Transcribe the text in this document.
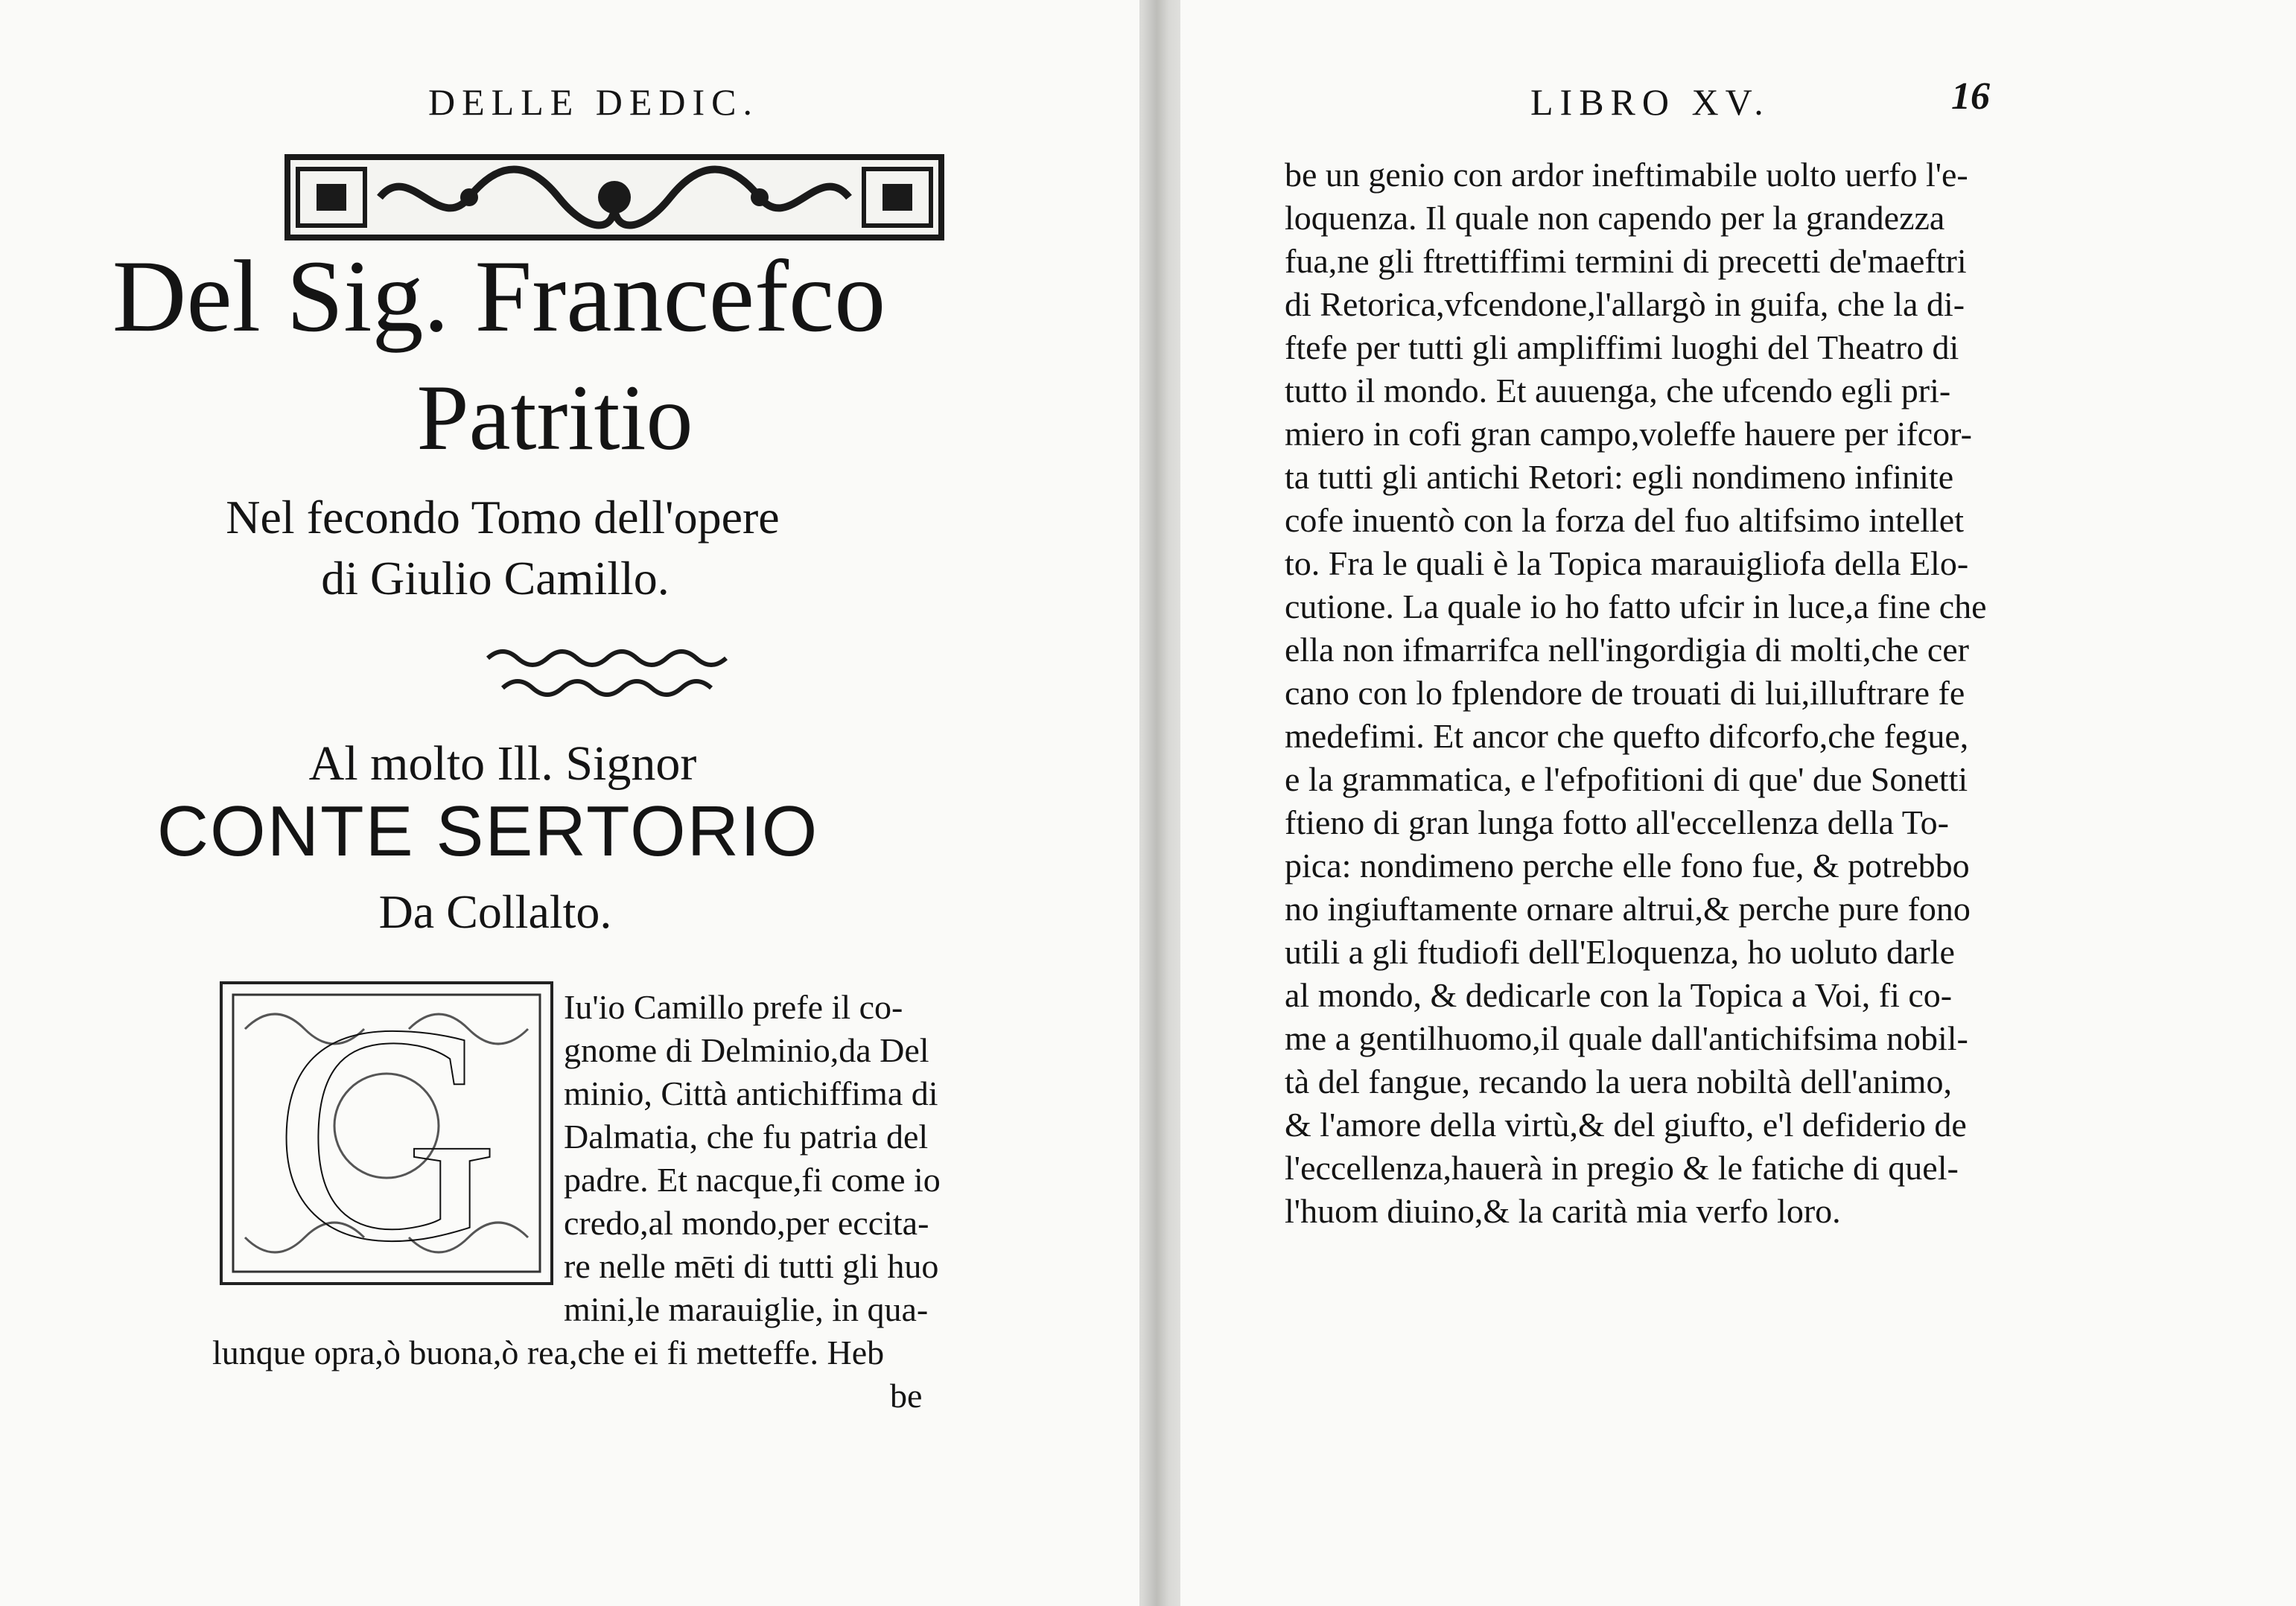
DELLE DEDIC.
Del Sig. Francefco
Patritio
Nel fecondo Tomo dell'opere
di Giulio Camillo.
Al molto Ill. Signor
CONTE SERTORIO
Da Collalto.
G	Iu'io Camillo prefe il co-
gnome di Delminio,da Del
minio, Città antichiffima di
Dalmatia, che fu patria del
padre. Et nacque,fi come io
credo,al mondo,per eccita-
re nelle mēti di tutti gli huo
mini,le marauiglie, in qua-
lunque opra,ò buona,ò rea,che ei fi metteffe. Heb
be
LIBRO XV.	16
be un genio con ardor ineftimabile uolto uerfo l'e-
loquenza. Il quale non capendo per la grandezza
fua,ne gli ftrettiffimi termini di precetti de'maeftri
di Retorica,vfcendone,l'allargò in guifa, che la di-
ftefe per tutti gli ampliffimi luoghi del Theatro di
tutto il mondo. Et auuenga, che ufcendo egli pri-
miero in cofi gran campo,voleffe hauere per ifcor-
ta tutti gli antichi Retori: egli nondimeno infinite
cofe inuentò con la forza del fuo altifsimo intellet
to. Fra le quali è la Topica marauigliofa della Elo-
cutione. La quale io ho fatto ufcir in luce,a fine che
ella non ifmarrifca nell'ingordigia di molti,che cer
cano con lo fplendore de trouati di lui,illuftrare fe
medefimi. Et ancor che quefto difcorfo,che fegue,
e la grammatica, e l'efpofitioni di que' due Sonetti
ftieno di gran lunga fotto all'eccellenza della To-
pica: nondimeno perche elle fono fue, & potrebbo
no ingiuftamente ornare altrui,& perche pure fono
utili a gli ftudiofi dell'Eloquenza, ho uoluto darle
al mondo, & dedicarle con la Topica a Voi, fi co-
me a gentilhuomo,il quale dall'antichifsima nobil-
tà del fangue, recando la uera nobiltà dell'animo,
& l'amore della virtù,& del giufto, e'l defiderio de
l'eccellenza,hauerà in pregio & le fatiche di quel-
l'huom diuino,& la carità mia verfo loro.
